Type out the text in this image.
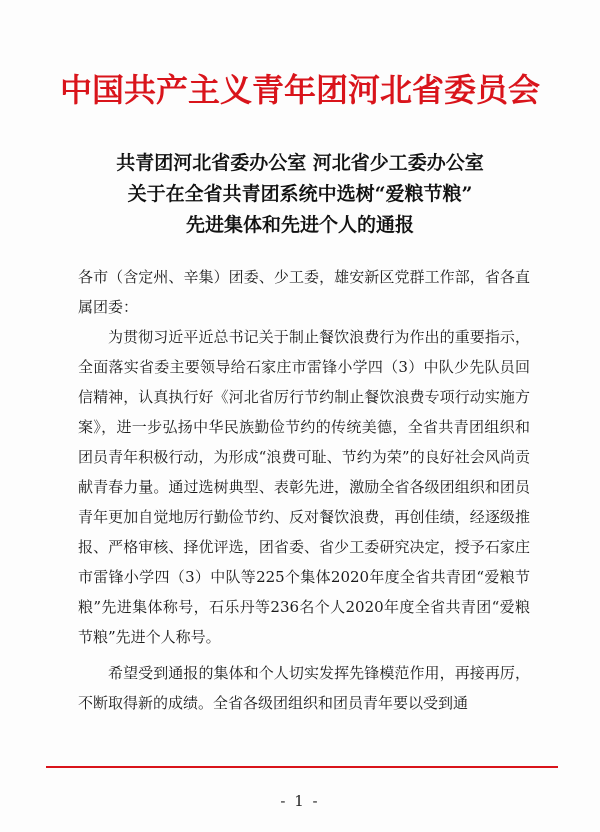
中国共产主义青年团河北省委员会
共青团河北省委办公室 河北省少工委办公室
关于在全省共青团系统中选树“爱粮节粮”
先进集体和先进个人的通报

各市（含定州、辛集）团委、少工委，雄安新区党群工作部，省各直属团委：

为贯彻习近平近总书记关于制止餐饮浪费行为作出的重要指示，全面落实省委主要领导给石家庄市雷锋小学四（3）中队少先队员回信精神，认真执行好《河北省厉行节约制止餐饮浪费专项行动实施方案》，进一步弘扬中华民族勤俭节约的传统美德，全省共青团组织和团员青年积极行动，为形成“浪费可耻、节约为荣”的良好社会风尚贡献青春力量。通过选树典型、表彰先进，激励全省各级团组织和团员青年更加自觉地厉行勤俭节约、反对餐饮浪费，再创佳绩，经逐级推报、严格审核、择优评选，团省委、省少工委研究决定，授予石家庄市雷锋小学四（3）中队等225个集体2020年度全省共青团“爱粮节粮”先进集体称号，石乐丹等236名个人2020年度全省共青团“爱粮节粮”先进个人称号。

希望受到通报的集体和个人切实发挥先锋模范作用，再接再厉，不断取得新的成绩。全省各级团组织和团员青年要以受到通

- 1 -
